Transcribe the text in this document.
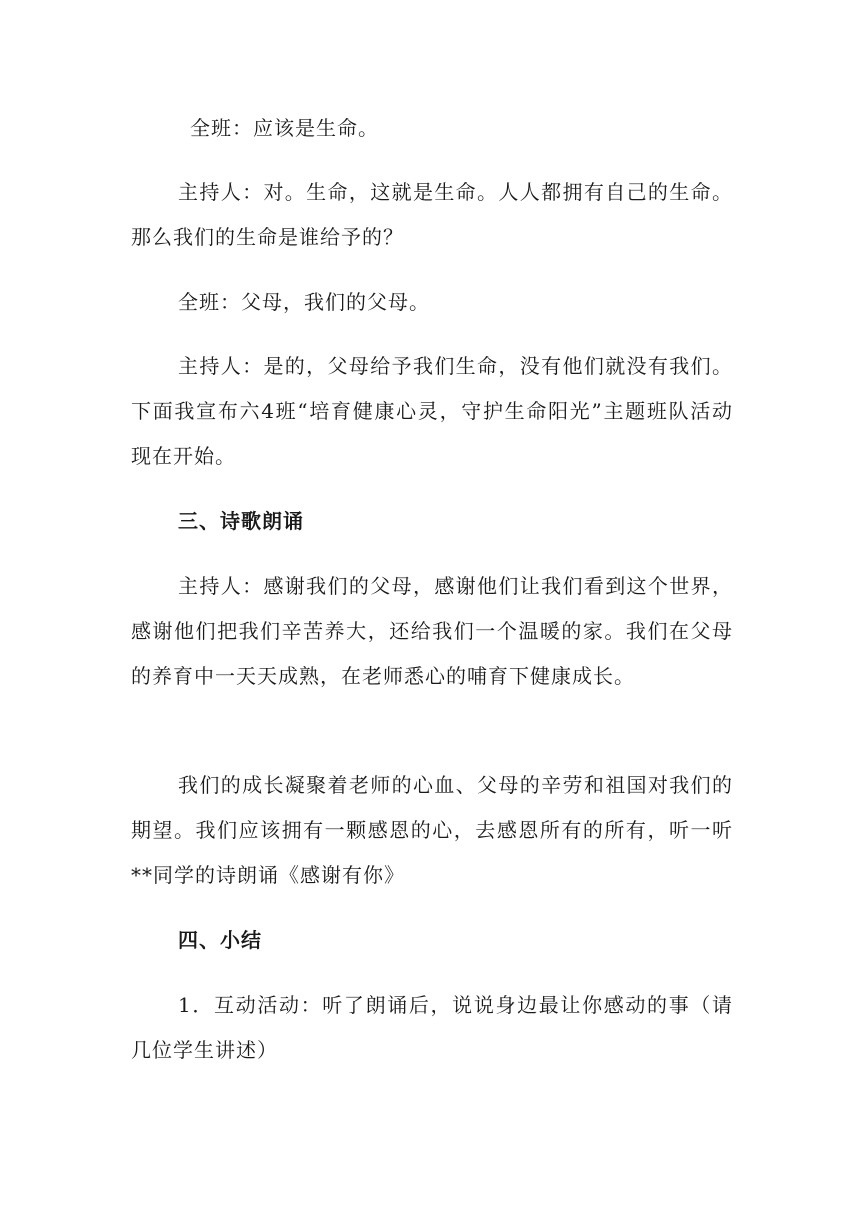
全班：应该是生命。

主持人：对。生命，这就是生命。人人都拥有自己的生命。那么我们的生命是谁给予的？

全班：父母，我们的父母。

主持人：是的，父母给予我们生命，没有他们就没有我们。下面我宣布六4班“培育健康心灵，守护生命阳光”主题班队活动现在开始。

三、诗歌朗诵

主持人：感谢我们的父母，感谢他们让我们看到这个世界，感谢他们把我们辛苦养大，还给我们一个温暖的家。我们在父母的养育中一天天成熟，在老师悉心的哺育下健康成长。

我们的成长凝聚着老师的心血、父母的辛劳和祖国对我们的期望。我们应该拥有一颗感恩的心，去感恩所有的所有，听一听**同学的诗朗诵《感谢有你》

四、小结

1．互动活动：听了朗诵后，说说身边最让你感动的事（请几位学生讲述）
